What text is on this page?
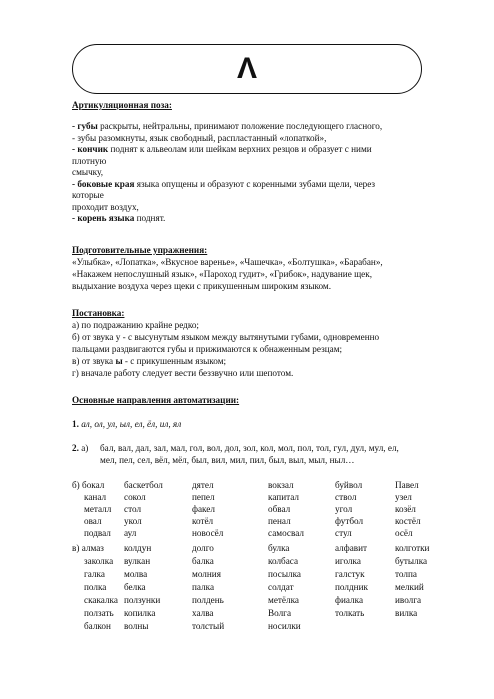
Λ
Артикуляционная поза:
- губы раскрыты, нейтральны, принимают положение последующего гласного,
- зубы разомкнуты, язык свободный, распластанный «лопаткой»,
- кончик поднят к альвеолам или шейкам верхних резцов и образует с ними
плотную
смычку,
- боковые края языка опущены и образуют с коренными зубами щели, через
которые
проходит воздух,
- корень языка поднят.
Подготовительные упражнения:
«Улыбка», «Лопатка», «Вкусное варенье», «Чашечка», «Болтушка», «Барабан»,
«Накажем непослушный язык», «Пароход гудит», «Грибок», надувание щек,
выдыхание воздуха через щеки с прикушенным широким языком.
Постановка:
а) по подражанию крайне редко;
б) от звука у - с высунутым языком между вытянутыми губами, одновременно
пальцами раздвигаются губы и прижимаются к обнаженным резцам;
в) от звука ы - с прикушенным языком;
г) вначале работу следует вести беззвучно или шепотом.
Основные направления автоматизации:
1. ал, ол, ул, ыл, ел, ёл, ил, ял
2. а) бал, вал, дал, зал, мал, гол, вол, дол, зол, кол, мол, пол, тол, гул, дул, мул, ел,
мел, пел, сел, вёл, мёл, был, вил, мил, пил, был, выл, мыл, ныл…
б) бокал баскетбол	дятел	вокзал	буйвол	Павел
канал сокол	пепел	капитал	ствол	узел
металл стол	факел	обвал	угол	козёл
овал укол	котёл	пенал	футбол	костёл
подвал аул	новосёл	самосвал	стул	осёл
в) алмаз колдун	долго	булка	алфавит	колготки
заколка вулкан	балка	колбаса	иголка	бутылка
галка молва	молния	посылка	галстук	толпа
полка белка	палка	солдат	полдник	мелкий
скакалка ползунки	полдень	метёлка	фиалка	иволга
ползать копилка	халва	Волга	толкать	вилка
балкон волны	толстый	носилки
